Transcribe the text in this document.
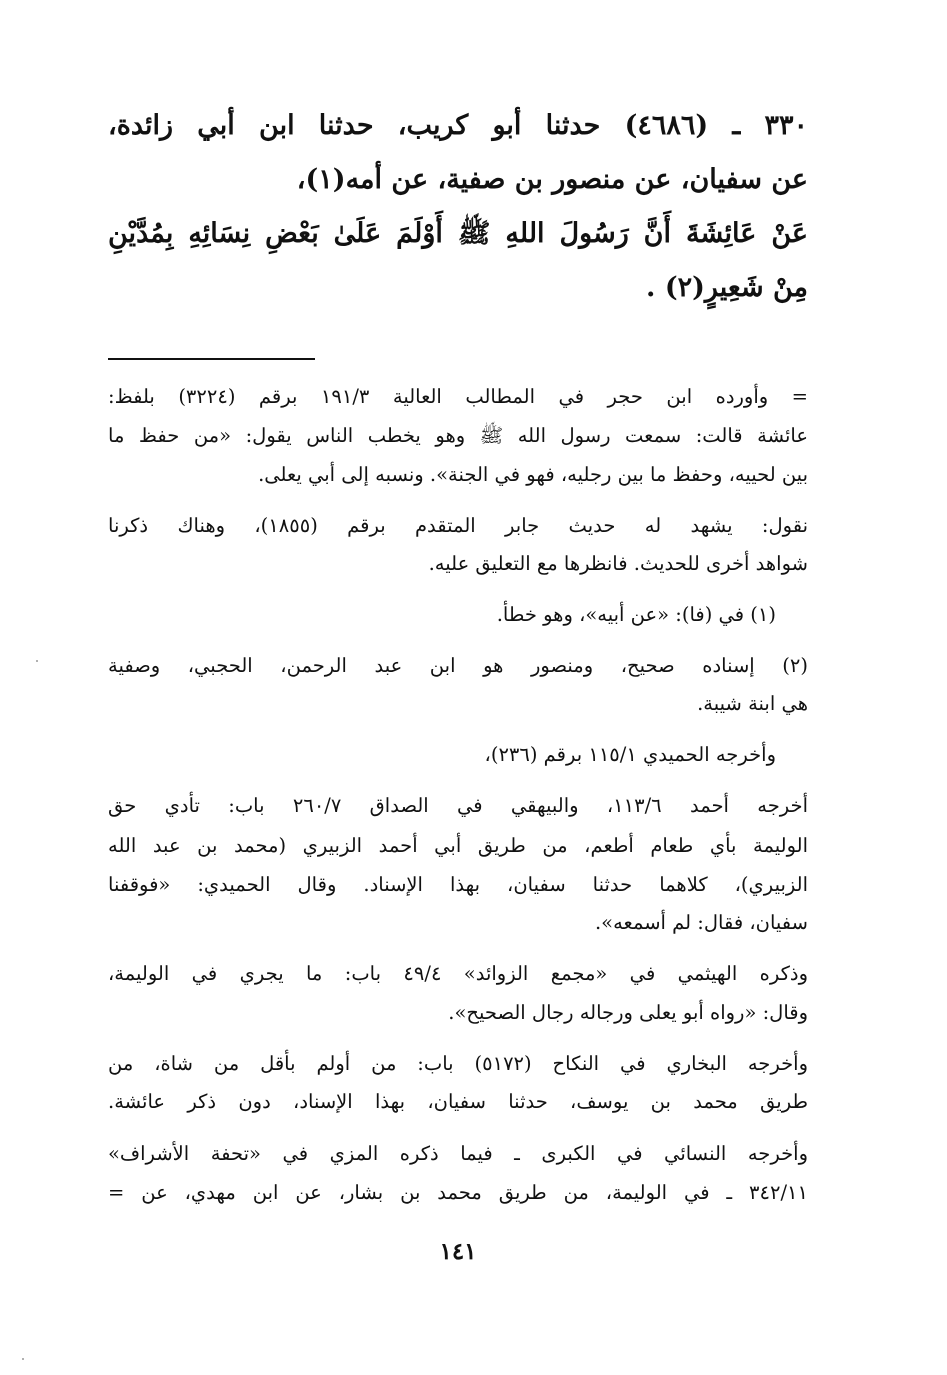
٣٣٠ ـ (٤٦٨٦) حدثنا أبو كريب، حدثنا ابن أبي زائدة،
عن سفيان، عن منصور بن صفية، عن أمه(١)،
عَنْ عَائِشَةَ أَنَّ رَسُولَ اللهِ ﷺ أَوْلَمَ عَلَىٰ بَعْضِ نِسَائِهِ بِمُدَّيْنِ
مِنْ شَعِيرٍ(٢) .
= وأورده ابن حجر في المطالب العالية ١٩١/٣ برقم (٣٢٢٤) بلفظ:
عائشة قالت: سمعت رسول الله ﷺ وهو يخطب الناس يقول: «من حفظ ما
بين لحييه، وحفظ ما بين رجليه، فهو في الجنة». ونسبه إلى أبي يعلى.
نقول: يشهد له حديث جابر المتقدم برقم (١٨٥٥)، وهناك ذكرنا
شواهد أخرى للحديث. فانظرها مع التعليق عليه.
(١) في (فا): «عن أبيه»، وهو خطأ.
(٢) إسناده صحيح، ومنصور هو ابن عبد الرحمن، الحجبي، وصفية
هي ابنة شيبة.
وأخرجه الحميدي ١١٥/١ برقم (٢٣٦)،
أخرجه أحمد ١١٣/٦، والبيهقي في الصداق ٢٦٠/٧ باب: تأدي حق
الوليمة بأي طعام أطعم، من طريق أبي أحمد الزبيري (محمد بن عبد الله
الزبيري)، كلاهما حدثنا سفيان، بهذا الإسناد. وقال الحميدي: «فوقفنا
سفيان، فقال: لم أسمعه».
وذكره الهيثمي في «مجمع الزوائد» ٤٩/٤ باب: ما يجري في الوليمة،
وقال: «رواه أبو يعلى ورجاله رجال الصحيح».
وأخرجه البخاري في النكاح (٥١٧٢) باب: من أولم بأقل من شاة، من
طريق محمد بن يوسف، حدثنا سفيان، بهذا الإسناد، دون ذكر عائشة.
وأخرجه النسائي في الكبرى ـ فيما ذكره المزي في «تحفة الأشراف»
٣٤٢/١١ ـ في الوليمة، من طريق محمد بن بشار، عن ابن مهدي، عن =
١٤١
